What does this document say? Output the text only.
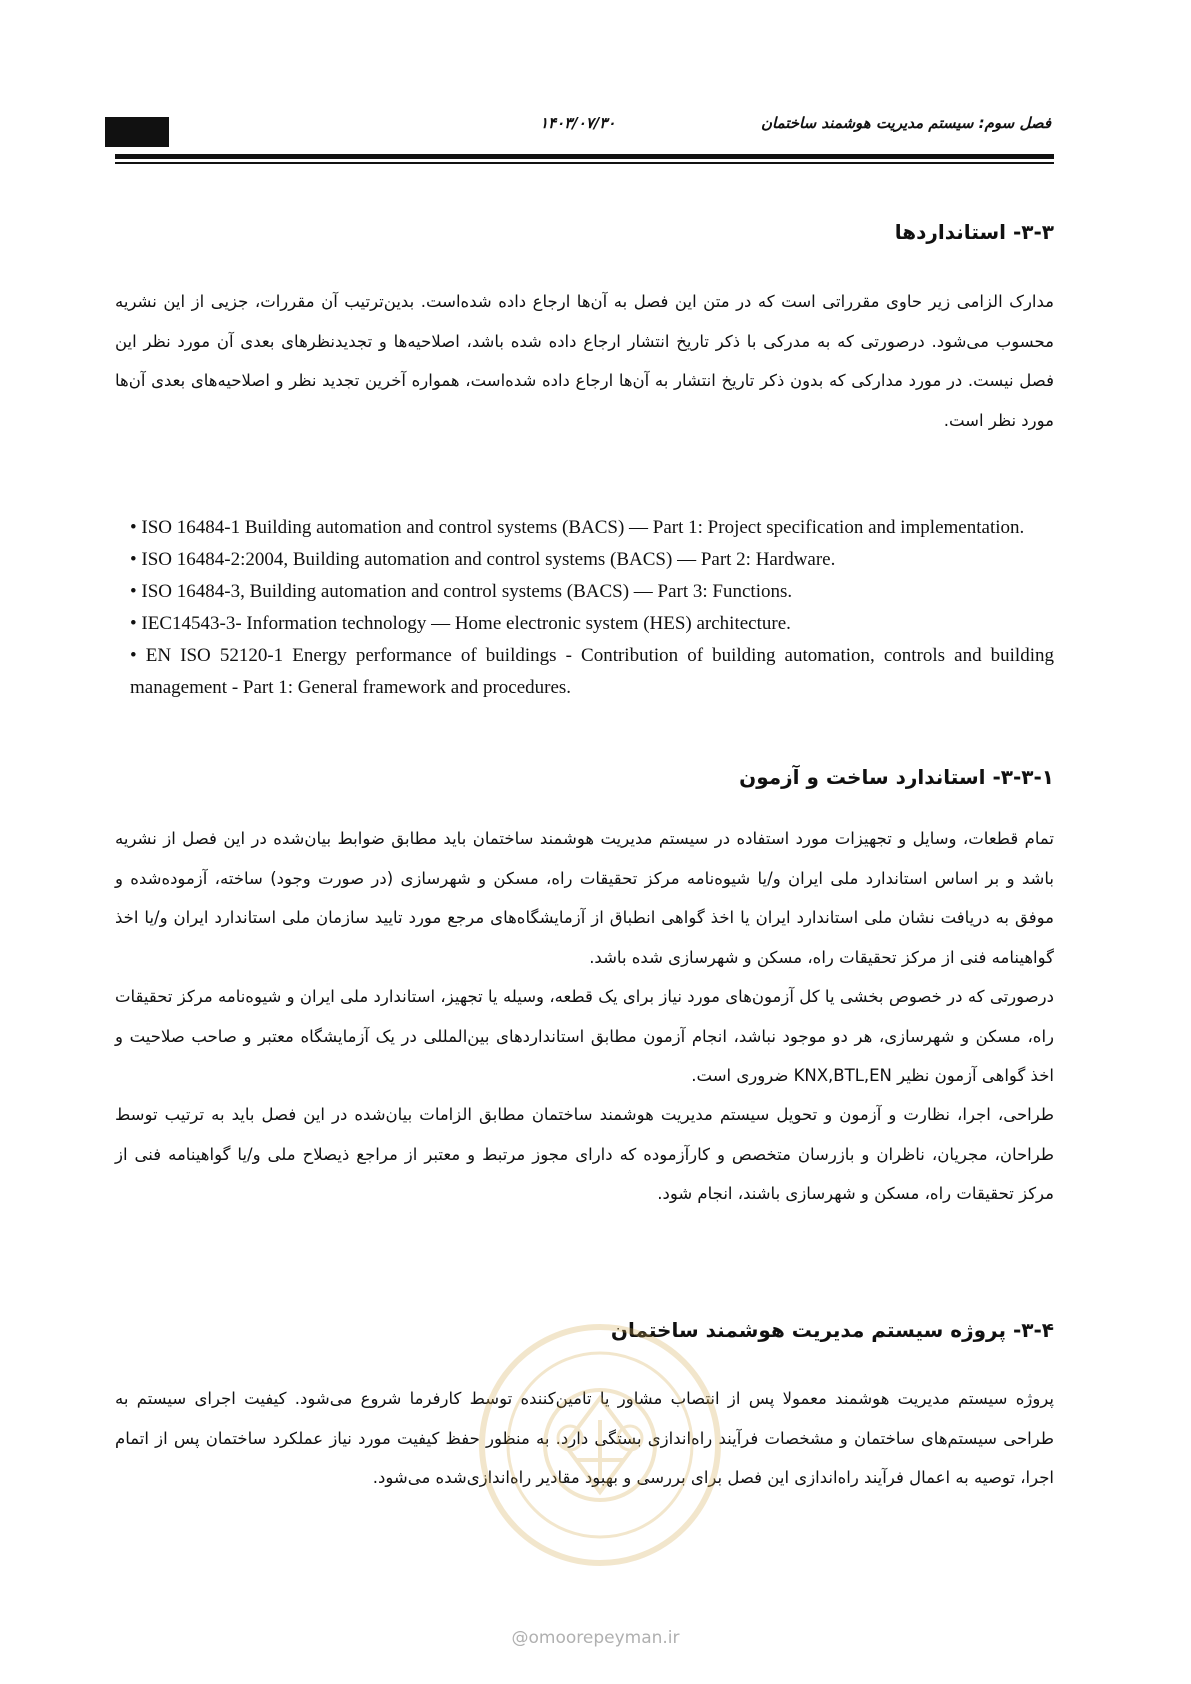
فصل سوم: سیستم مدیریت هوشمند ساختمان
۱۴۰۳/۰۷/۳۰
۳-۳- استانداردها
مدارک الزامی زیر حاوی مقرراتی است که در متن این فصل به آن‌ها ارجاع داده شده‌است. بدین‌ترتیب آن مقررات، جزیی از این نشریه محسوب می‌شود. درصورتی که به مدرکی با ذکر تاریخ انتشار ارجاع داده شده باشد، اصلاحیه‌ها و تجدیدنظرهای بعدی آن مورد نظر این فصل نیست. در مورد مدارکی که بدون ذکر تاریخ انتشار به آن‌ها ارجاع داده شده‌است، همواره آخرین تجدید نظر و اصلاحیه‌های بعدی آن‌ها مورد نظر است.
• ISO 16484-1 Building automation and control systems (BACS) — Part 1: Project specification and implementation.
• ISO 16484-2:2004, Building automation and control systems (BACS) — Part 2: Hardware.
• ISO 16484-3, Building automation and control systems (BACS) — Part 3: Functions.
• IEC14543-3- Information technology — Home electronic system (HES) architecture.
• EN ISO 52120-1 Energy performance of buildings - Contribution of building automation, controls and building management - Part 1: General framework and procedures.
۳-۳-۱- استاندارد ساخت و آزمون
تمام قطعات، وسایل و تجهیزات مورد استفاده در سیستم مدیریت هوشمند ساختمان باید مطابق ضوابط بیان‌شده در این فصل از نشریه باشد و بر اساس استاندارد ملی ایران و/یا شیوه‌نامه مرکز تحقیقات راه، مسکن و شهرسازی (در صورت وجود) ساخته، آزموده‌شده و موفق به دریافت نشان ملی استاندارد ایران یا اخذ گواهی انطباق از آزمایشگاه‌های مرجع مورد تایید سازمان ملی استاندارد ایران و/یا اخذ گواهینامه فنی از مرکز تحقیقات راه، مسکن و شهرسازی شده باشد.
درصورتی که در خصوص بخشی یا کل آزمون‌های مورد نیاز برای یک قطعه، وسیله یا تجهیز، استاندارد ملی ایران و شیوه‌نامه مرکز تحقیقات راه، مسکن و شهرسازی، هر دو موجود نباشد، انجام آزمون مطابق استانداردهای بین‌المللی در یک آزمایشگاه معتبر و صاحب صلاحیت و اخذ گواهی آزمون نظیر KNX,BTL,EN ضروری است.
طراحی، اجرا، نظارت و آزمون و تحویل سیستم مدیریت هوشمند ساختمان مطابق الزامات بیان‌شده در این فصل باید به ترتیب توسط طراحان، مجریان، ناظران و بازرسان متخصص و کارآزموده که دارای مجوز مرتبط و معتبر از مراجع ذیصلاح ملی و/یا گواهینامه فنی از مرکز تحقیقات راه، مسکن و شهرسازی باشند، انجام شود.
۳-۴- پروژه سیستم مدیریت هوشمند ساختمان
پروژه سیستم مدیریت هوشمند معمولا پس از انتصاب مشاور یا تامین‌کننده توسط کارفرما شروع می‌شود. کیفیت اجرای سیستم به طراحی سیستم‌های ساختمان و مشخصات فرآیند راه‌اندازی بستگی دارد. به منظور حفظ کیفیت مورد نیاز عملکرد ساختمان پس از اتمام اجرا، توصیه به اعمال فرآیند راه‌اندازی این فصل برای بررسی و بهبود مقادیر راه‌اندازی‌شده می‌شود.
@omoorepeyman.ir
